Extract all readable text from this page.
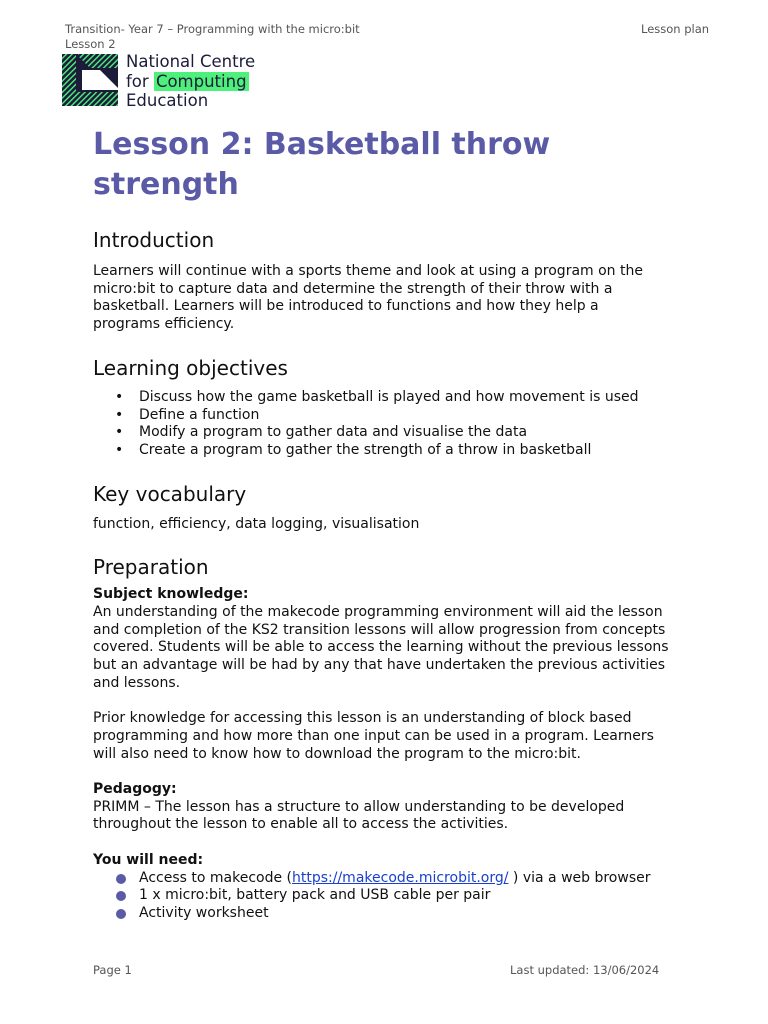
Transition- Year 7 – Programming with the micro:bit
Lesson 2
Lesson plan
National Centre
for Computing
Education
Lesson 2: Basketball throw strength
Introduction

Learners will continue with a sports theme and look at using a program on the micro:bit to capture data and determine the strength of their throw with a basketball. Learners will be introduced to functions and how they help a programs efficiency.

Learning objectives
• Discuss how the game basketball is played and how movement is used
• Define a function
• Modify a program to gather data and visualise the data
• Create a program to gather the strength of a throw in basketball
Key vocabulary

function, efficiency, data logging, visualisation

Preparation

Subject knowledge:

An understanding of the makecode programming environment will aid the lesson and completion of the KS2 transition lessons will allow progression from concepts covered. Students will be able to access the learning without the previous lessons but an advantage will be had by any that have undertaken the previous activities and lessons.

Prior knowledge for accessing this lesson is an understanding of block based programming and how more than one input can be used in a program. Learners will also need to know how to download the program to the micro:bit.

Pedagogy:

PRIMM – The lesson has a structure to allow understanding to be developed throughout the lesson to enable all to access the activities.

You will need:

Access to makecode (https://makecode.microbit.org/ ) via a web browser
1 x micro:bit, battery pack and USB cable per pair
Activity worksheet
Page 1	Last updated: 13/06/2024
